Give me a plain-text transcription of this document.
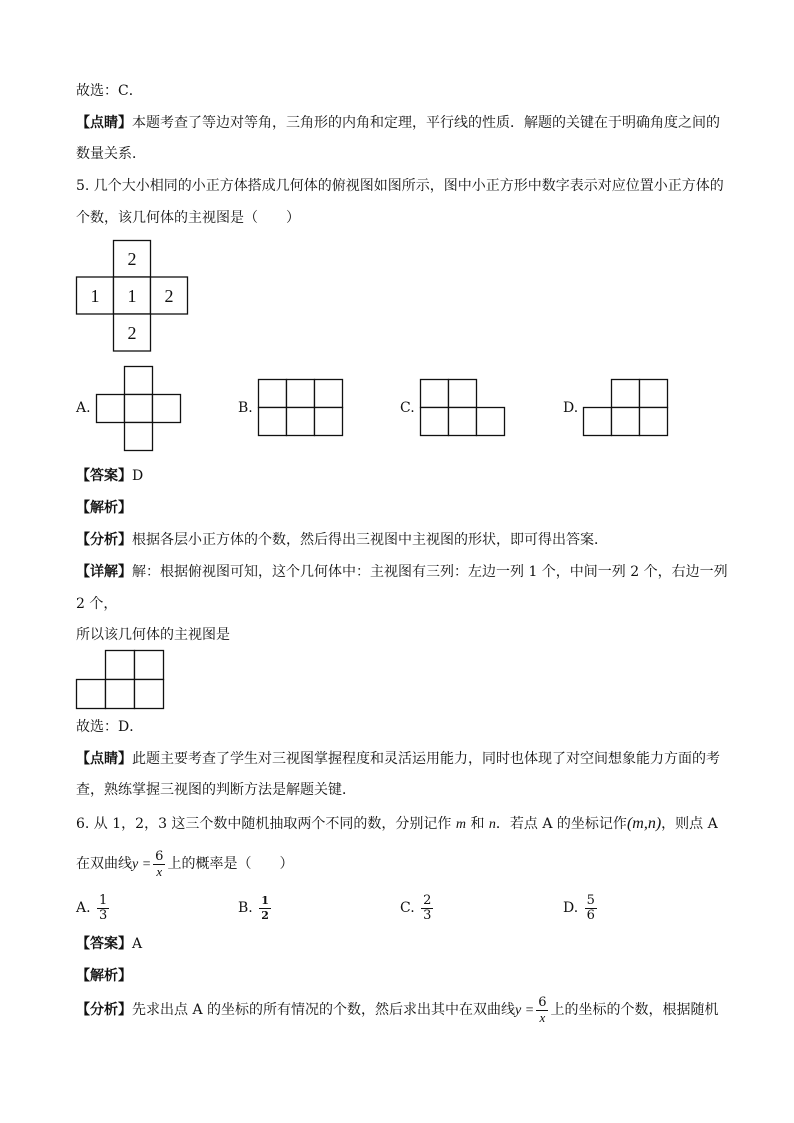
故选：C．
【点睛】本题考查了等边对等角，三角形的内角和定理，平行线的性质．解题的关键在于明确角度之间的
数量关系．
5. 几个大小相同的小正方体搭成几何体的俯视图如图所示，图中小正方形中数字表示对应位置小正方体的
个数，该几何体的主视图是（　　）
2
1 1 2
2
A.	B.	C.	D.
【答案】D
【解析】
【分析】根据各层小正方体的个数，然后得出三视图中主视图的形状，即可得出答案．
【详解】解：根据俯视图可知，这个几何体中：主视图有三列：左边一列 1 个，中间一列 2 个，右边一列
2 个，
所以该几何体的主视图是
故选：D．
【点睛】此题主要考查了学生对三视图掌握程度和灵活运用能力，同时也体现了对空间想象能力方面的考
查，熟练掌握三视图的判断方法是解题关键．
6. 从 1，2，3 这三个数中随机抽取两个不同的数，分别记作 m 和 n．若点 A 的坐标记作(m,n)，则点 A
在双曲线$y = \frac{6}{x}$ 上的概率是（　　）
A. $\frac{1}{3}$	B. $\frac{1}{2}$	C. $\frac{2}{3}$	D. $\frac{5}{6}$
【答案】A
【解析】
【分析】先求出点 A 的坐标的所有情况的个数，然后求出其中在双曲线$y = \frac{6}{x}$ 上的坐标的个数，根据随机
